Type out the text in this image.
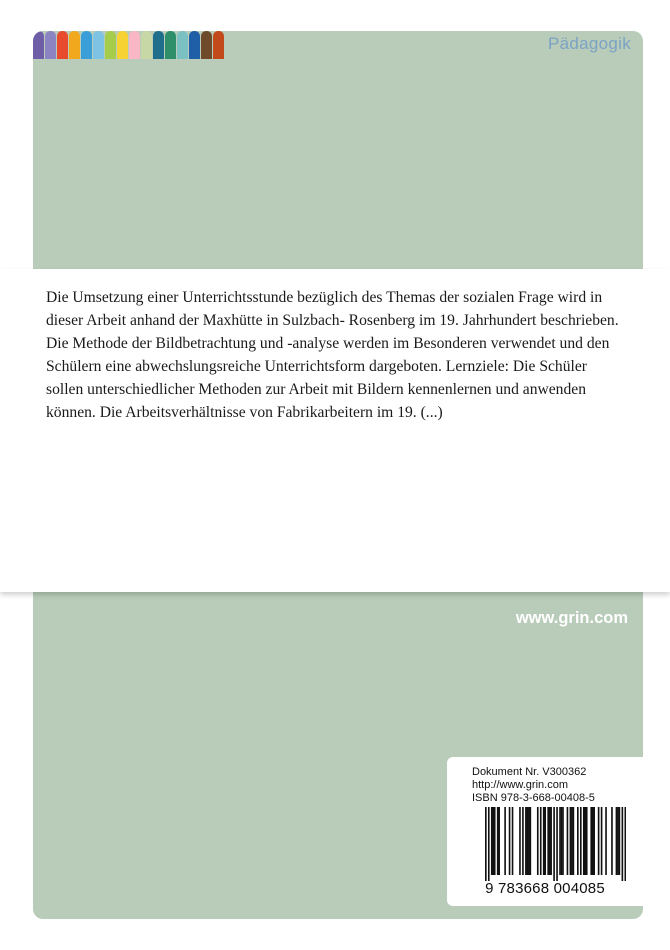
Pädagogik

Die Umsetzung einer Unterrichtsstunde bezüglich des Themas der sozialen Frage wird in dieser Arbeit anhand der Maxhütte in Sulzbach- Rosenberg im 19. Jahrhundert beschrieben. Die Methode der Bildbetrachtung und -analyse werden im Besonderen verwendet und den Schülern eine abwechslungsreiche Unterrichtsform dargeboten. Lernziele: Die Schüler sollen unterschiedlicher Methoden zur Arbeit mit Bildern kennenlernen und anwenden können. Die Arbeitsverhältnisse von Fabrikarbeitern im 19. (...)

www.grin.com
Dokument Nr. V300362
http://www.grin.com
ISBN 978-3-668-00408-5
9 783668 004085
